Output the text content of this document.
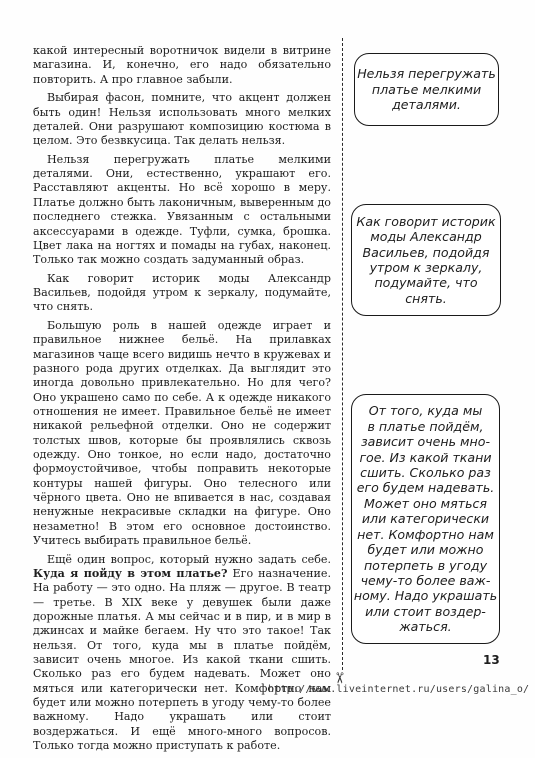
какой интересный воротничок видели в витрине магазина. И, конечно, его надо обязательно повторить. А про главное забыли.

Выбирая фасон, помните, что акцент должен быть один! Нельзя использовать много мелких деталей. Они разрушают композицию костюма в целом. Это безвкусица. Так делать нельзя.

Нельзя перегружать платье мелкими деталями. Они, естественно, украшают его. Расставляют акценты. Но всё хорошо в меру. Платье должно быть лаконичным, выверенным до последнего стежка. Увязанным с остальными аксессуарами в одежде. Туфли, сумка, брошка. Цвет лака на ногтях и помады на губах, наконец. Только так можно создать задуманный образ.

Как говорит историк моды Александр Васильев, подойдя утром к зеркалу, подумайте, что снять.

Большую роль в нашей одежде играет и правильное нижнее бельё. На прилавках магазинов чаще всего видишь нечто в кружевах и разного рода других отделках. Да выглядит это иногда довольно привлекательно. Но для чего? Оно украшено само по себе. А к одежде никакого отношения не имеет. Правильное бельё не имеет никакой рельефной отделки. Оно не содержит толстых швов, которые бы проявлялись сквозь одежду. Оно тонкое, но если надо, достаточно формоустойчивое, чтобы поправить некоторые контуры нашей фигуры. Оно телесного или чёрного цвета. Оно не впивается в нас, создавая ненужные некрасивые складки на фигуре. Оно незаметно! В этом его основное достоинство. Учитесь выбирать правильное бельё.

Ещё один вопрос, который нужно задать себе. Куда я пойду в этом платье? Его назначение. На работу — это одно. На пляж — другое. В театр — третье. В XIX веке у девушек были даже дорожные платья. А мы сейчас и в пир, и в мир в джинсах и майке бегаем. Ну что это такое! Так нельзя. От того, куда мы в платье пойдём, зависит очень многое. Из какой ткани сшить. Сколько раз его будем надевать. Может оно мяться или категорически нет. Комфортно нам будет или можно потерпеть в угоду чему-то более важному. Надо украшать или стоит воздержаться. И ещё много-много вопросов. Только тогда можно приступать к работе.

✂
Нельзя перегружать
платье мелкими
деталями.
Как говорит историк
моды Александр
Васильев, подойдя
утром к зеркалу,
подумайте, что
снять.
От того, куда мы
в платье пойдём,
зависит очень мно-
гое. Из какой ткани
сшить. Сколько раз
его будем надевать.
Может оно мяться
или категорически
нет. Комфортно нам
будет или можно
потерпеть в угоду
чему-то более важ-
ному. Надо украшать
или стоит воздер-
жаться.
13
http://www.liveinternet.ru/users/galina_o/
